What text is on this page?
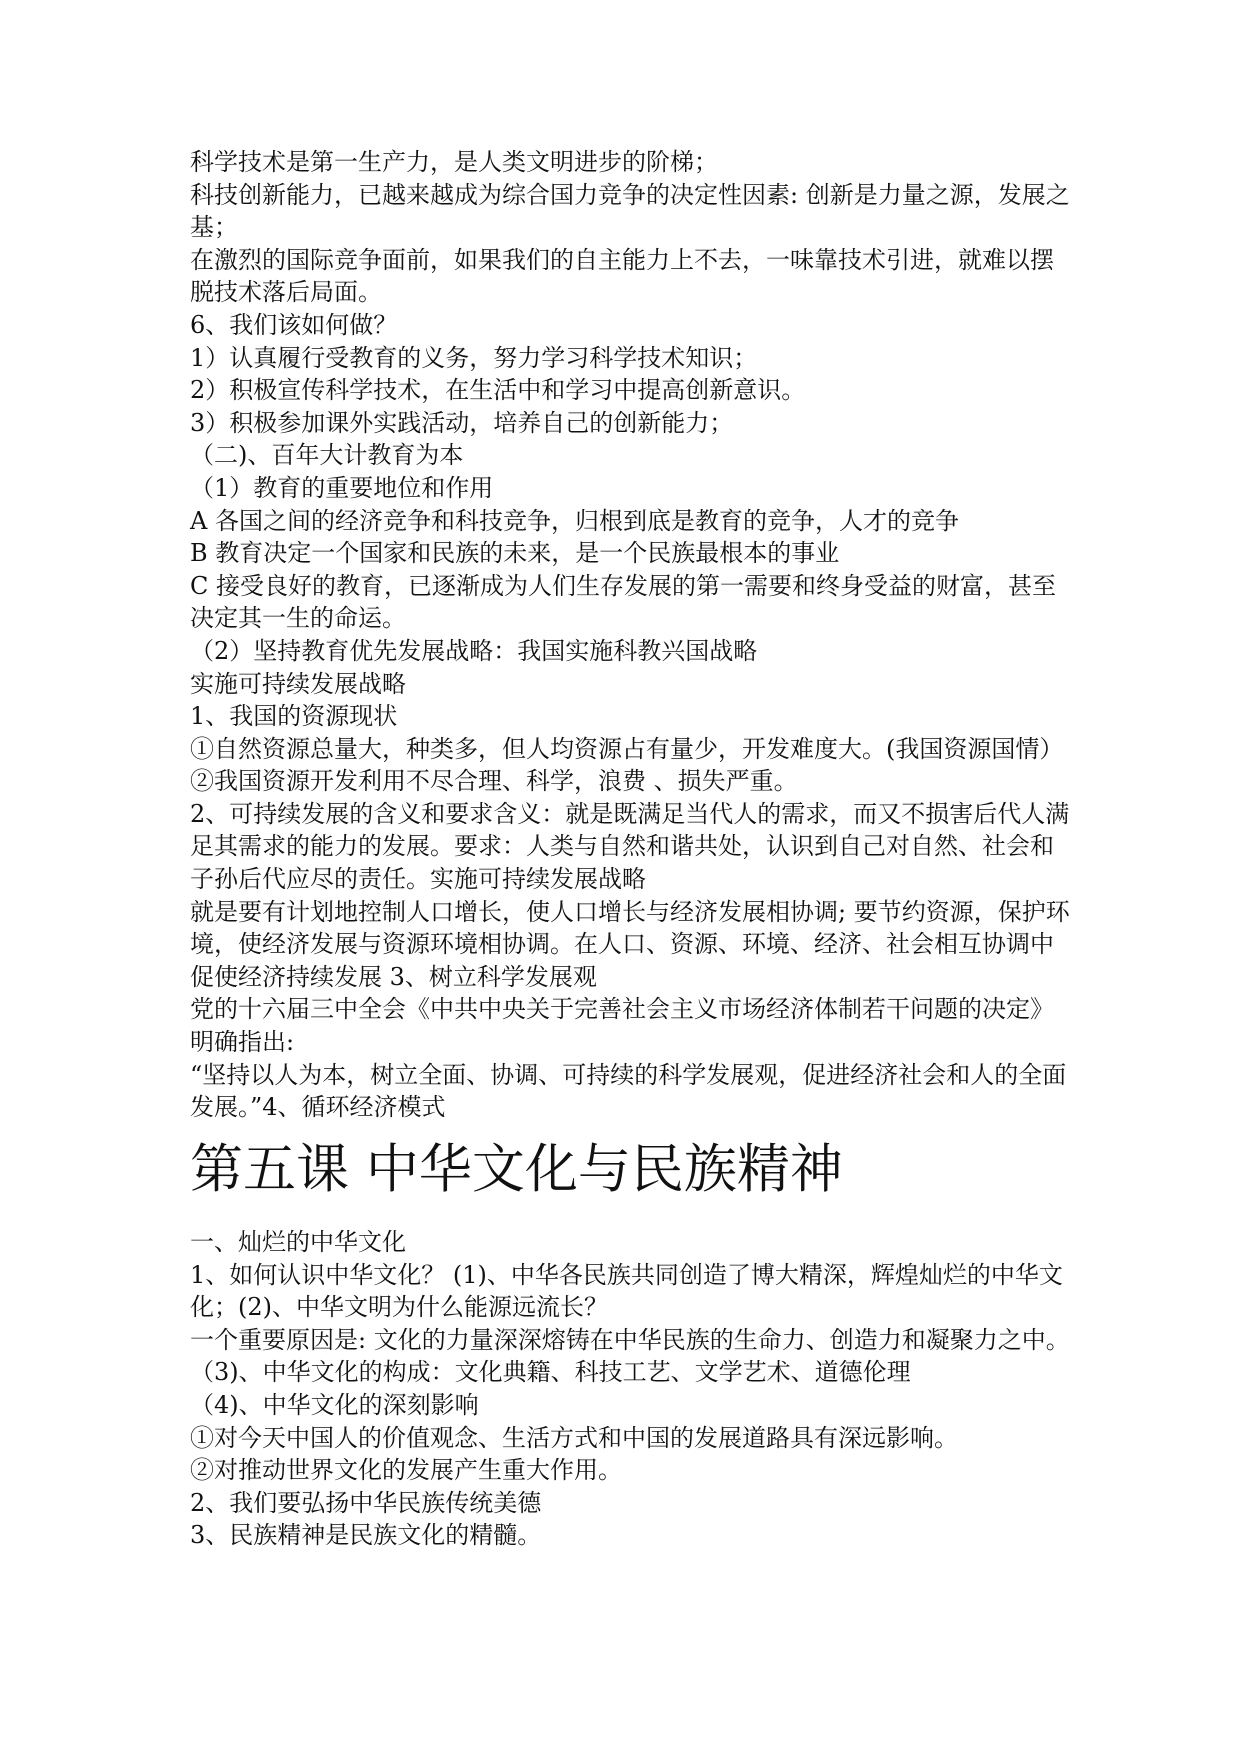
科学技术是第一生产力，是人类文明进步的阶梯；

科技创新能力，已越来越成为综合国力竞争的决定性因素: 创新是力量之源，发展之基；

在激烈的国际竞争面前，如果我们的自主能力上不去，一味靠技术引进，就难以摆脱技术落后局面。

6、我们该如何做？

1）认真履行受教育的义务，努力学习科学技术知识；

2）积极宣传科学技术，在生活中和学习中提高创新意识。

3）积极参加课外实践活动，培养自己的创新能力；

（二)、百年大计教育为本

（1）教育的重要地位和作用

A 各国之间的经济竞争和科技竞争，归根到底是教育的竞争，人才的竞争

B 教育决定一个国家和民族的未来，是一个民族最根本的事业

C 接受良好的教育，已逐渐成为人们生存发展的第一需要和终身受益的财富，甚至决定其一生的命运。

（2）坚持教育优先发展战略：我国实施科教兴国战略

实施可持续发展战略

1、我国的资源现状

①自然资源总量大，种类多，但人均资源占有量少，开发难度大。(我国资源国情）②我国资源开发利用不尽合理、科学，浪费 、损失严重。

2、可持续发展的含义和要求含义：就是既满足当代人的需求，而又不损害后代人满足其需求的能力的发展。要求：人类与自然和谐共处，认识到自己对自然、社会和子孙后代应尽的责任。实施可持续发展战略

就是要有计划地控制人口增长，使人口增长与经济发展相协调; 要节约资源，保护环境，使经济发展与资源环境相协调。在人口、资源、环境、经济、社会相互协调中促使经济持续发展 3、树立科学发展观

党的十六届三中全会《中共中央关于完善社会主义市场经济体制若干问题的决定》明确指出:

“坚持以人为本，树立全面、协调、可持续的科学发展观，促进经济社会和人的全面发展。”4、循环经济模式

第五课 中华文化与民族精神

一、灿烂的中华文化

1、如何认识中华文化？ (1)、中华各民族共同创造了博大精深，辉煌灿烂的中华文化；(2)、中华文明为什么能源远流长？

一个重要原因是: 文化的力量深深熔铸在中华民族的生命力、创造力和凝聚力之中。

（3)、中华文化的构成：文化典籍、科技工艺、文学艺术、道德伦理

（4)、中华文化的深刻影响

①对今天中国人的价值观念、生活方式和中国的发展道路具有深远影响。

②对推动世界文化的发展产生重大作用。

2、我们要弘扬中华民族传统美德

3、民族精神是民族文化的精髓。
